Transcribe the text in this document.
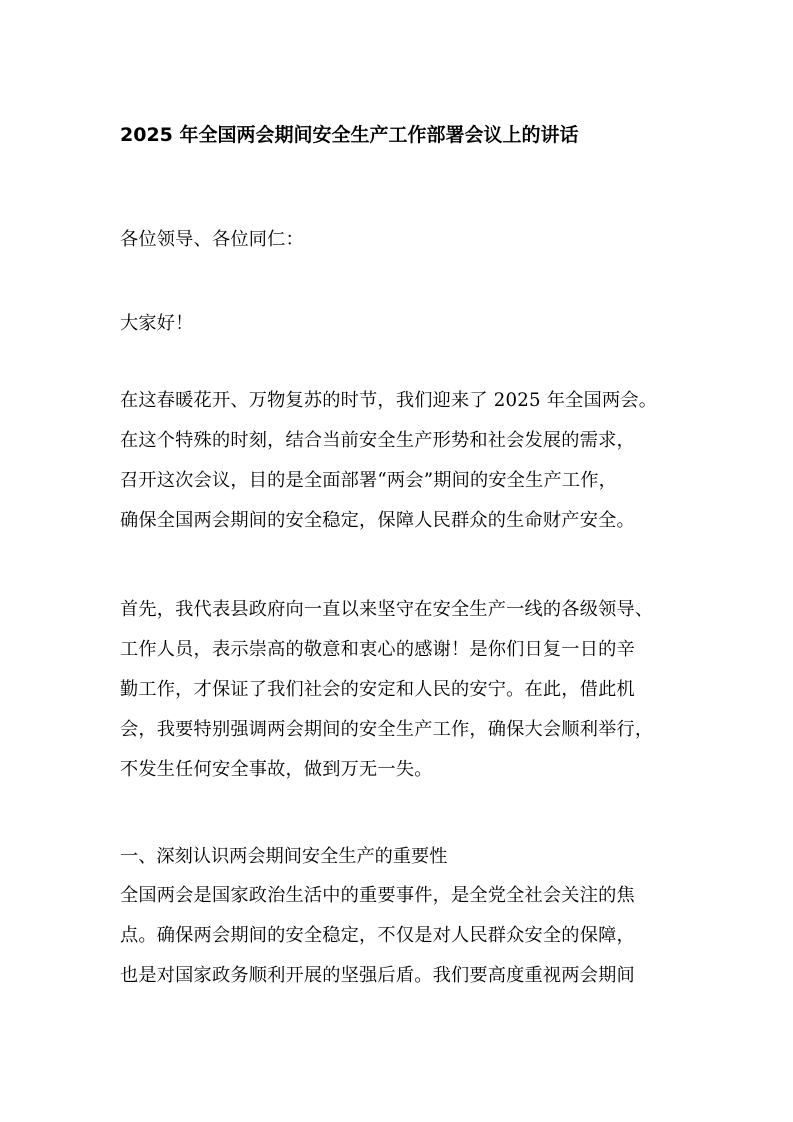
2025 年全国两会期间安全生产工作部署会议上的讲话
各位领导、各位同仁：
大家好！
在这春暖花开、万物复苏的时节，我们迎来了 2025 年全国两会。
在这个特殊的时刻，结合当前安全生产形势和社会发展的需求，
召开这次会议，目的是全面部署“两会”期间的安全生产工作，
确保全国两会期间的安全稳定，保障人民群众的生命财产安全。
首先，我代表县政府向一直以来坚守在安全生产一线的各级领导、
工作人员，表示崇高的敬意和衷心的感谢！是你们日复一日的辛
勤工作，才保证了我们社会的安定和人民的安宁。在此，借此机
会，我要特别强调两会期间的安全生产工作，确保大会顺利举行，
不发生任何安全事故，做到万无一失。
一、深刻认识两会期间安全生产的重要性
全国两会是国家政治生活中的重要事件，是全党全社会关注的焦
点。确保两会期间的安全稳定，不仅是对人民群众安全的保障，
也是对国家政务顺利开展的坚强后盾。我们要高度重视两会期间
